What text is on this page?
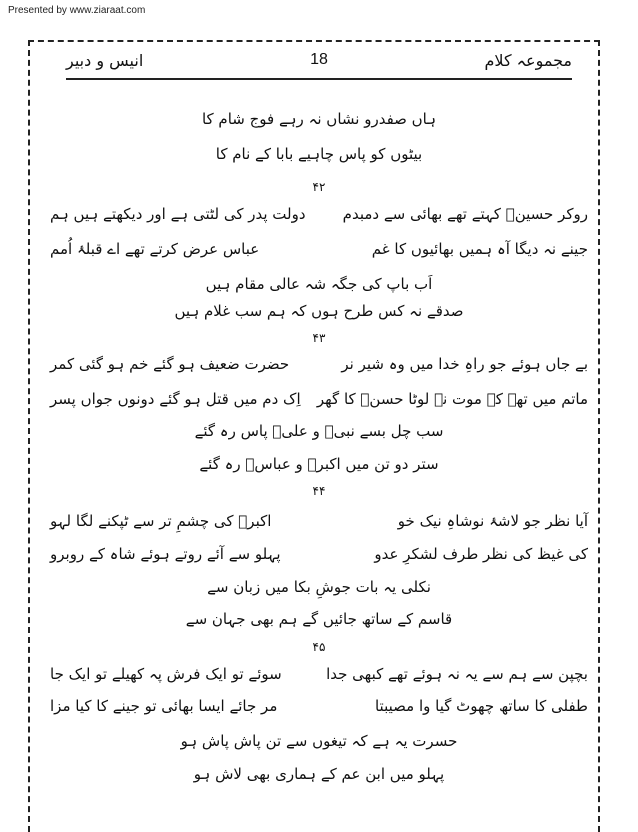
Presented by www.ziaraat.com
مجموعہ کلام
18
انیس و دبیر
ہاں صفدرو نشاں نہ رہے فوج شام کا
بیٹوں کو پاس چاہیے بابا کے نام کا
۴۲
روکر حسینؑ کہتے تھے بھائی سے دمبدم
دولت پدر کی لٹتی ہے اور دیکھتے ہیں ہم
جینے نہ دیگا آہ ہمیں بھائیوں کا غم
عباس عرض کرتے تھے اے قبلۂ اُمم
اَب باپ کی جگہ شہ عالی مقام ہیں
صدقے نہ کس طرح ہوں کہ ہم سب غلام ہیں
۴۳
بے جاں ہوئے جو راہِ خدا میں وہ شیر نر
حضرت ضعیف ہو گئے خم ہو گئی کمر
ماتم میں تھے کہ موت نے لوٹا حسنؑ کا گھر
اِک دم میں قتل ہو گئے دونوں جواں پسر
سب چل بسے نبیؐ و علیؑ پاس رہ گئے
ستر دو تن میں اکبرؑ و عباسؑ رہ گئے
۴۴
آیا نظر جو لاشۂ نوشاہِ نیک خو
اکبرؑ کی چشمِ تر سے ٹپکنے لگا لہو
کی غیظ کی نظر طرف لشکرِ عدو
پہلو سے آئے روتے ہوئے شاہ کے روبرو
نکلی یہ بات جوشِ بکا میں زبان سے
قاسم کے ساتھ جائیں گے ہم بھی جہان سے
۴۵
بچپن سے ہم سے یہ نہ ہوئے تھے کبھی جدا
سوئے تو ایک فرش پہ کھیلے تو ایک جا
طفلی کا ساتھ چھوٹ گیا وا مصیبتا
مر جائے ایسا بھائی تو جینے کا کیا مزا
حسرت یہ ہے کہ تیغوں سے تن پاش پاش ہو
پہلو میں ابن عم کے ہماری بھی لاش ہو
